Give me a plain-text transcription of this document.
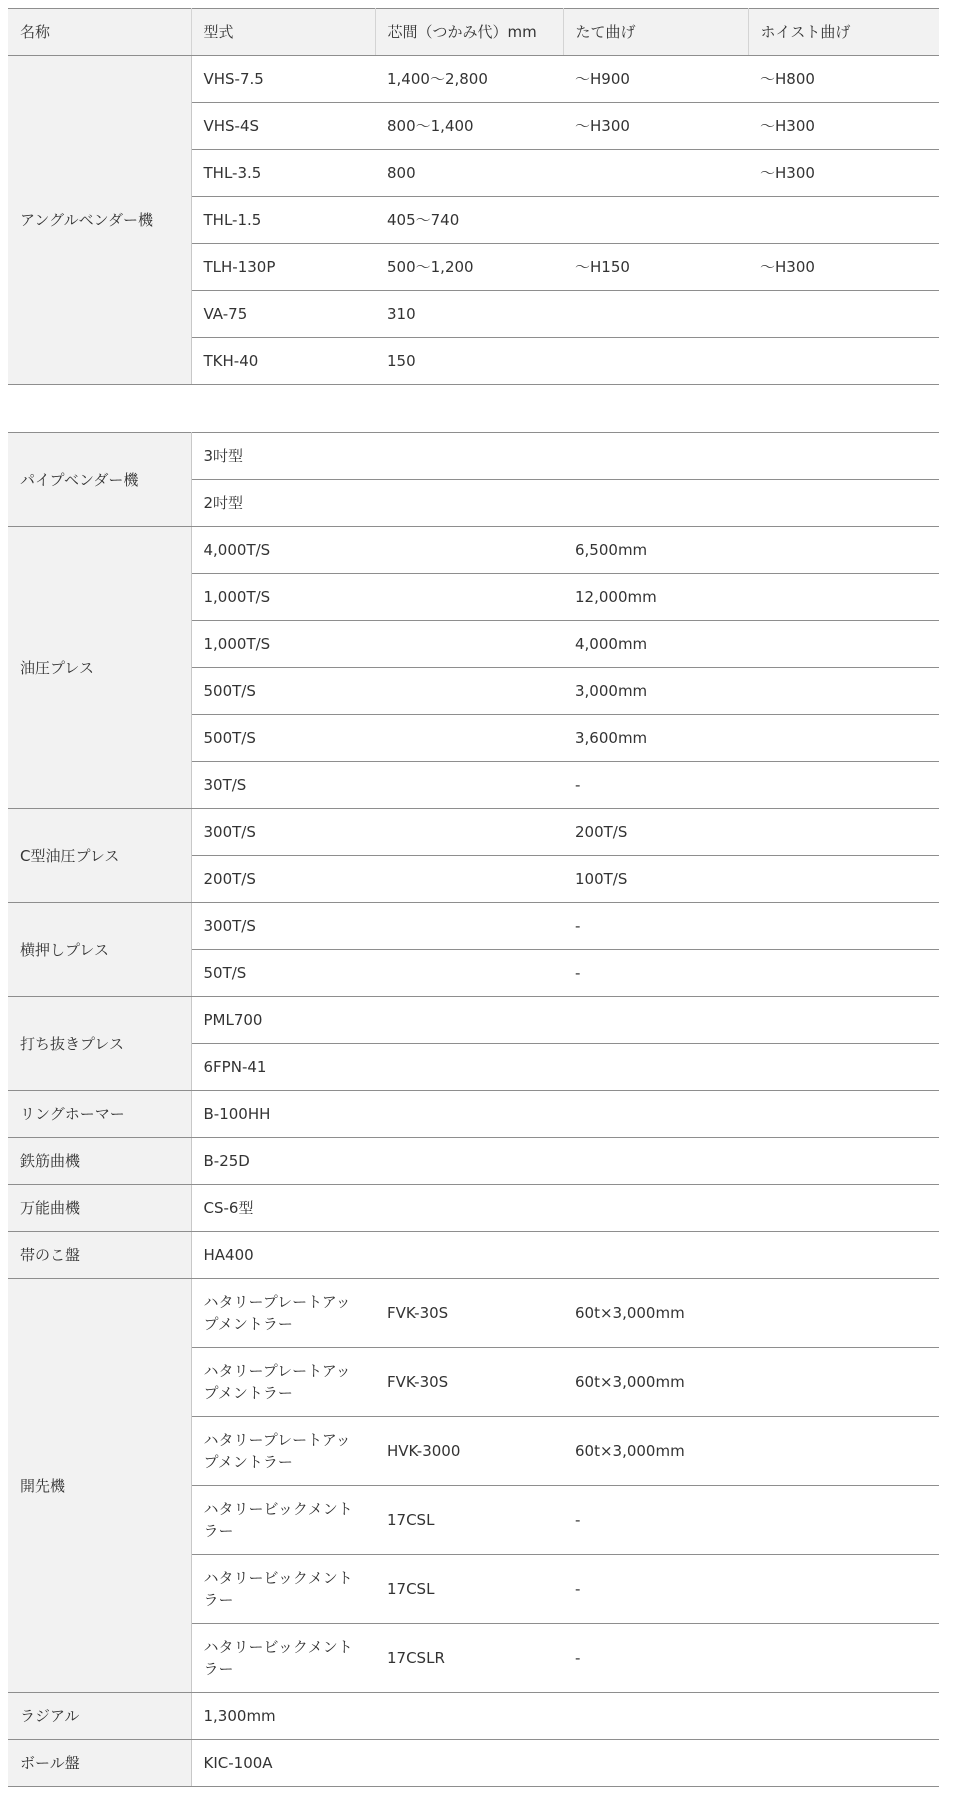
名称	型式	芯間（つかみ代）mm	たて曲げ	ホイスト曲げ
アングルベンダー機	VHS-7.5	1,400～2,800	～H900	～H800
	VHS-4S	800～1,400	～H300	～H300
	THL-3.5	800		～H300
	THL-1.5	405～740		
	TLH-130P	500～1,200	～H150	～H300
	VA-75	310		
	TKH-40	150		
パイプベンダー機	3吋型		
	2吋型		
油圧プレス	4,000T/S		6,500mm
	1,000T/S		12,000mm
	1,000T/S		4,000mm
	500T/S		3,000mm
	500T/S		3,600mm
	30T/S		-
C型油圧プレス	300T/S		200T/S
	200T/S		100T/S
横押しプレス	300T/S		-
	50T/S		-
打ち抜きプレス	PML700		
	6FPN-41		
リングホーマー	B-100HH		
鉄筋曲機	B-25D		
万能曲機	CS-6型		
帯のこ盤	HA400		
開先機	ハタリープレートアップメントラー	FVK-30S	60t×3,000mm
	ハタリープレートアップメントラー	FVK-30S	60t×3,000mm
	ハタリープレートアップメントラー	HVK-3000	60t×3,000mm
	ハタリービックメントラー	17CSL	-
	ハタリービックメントラー	17CSL	-
	ハタリービックメントラー	17CSLR	-
ラジアル	1,300mm		
ボール盤	KIC-100A		
